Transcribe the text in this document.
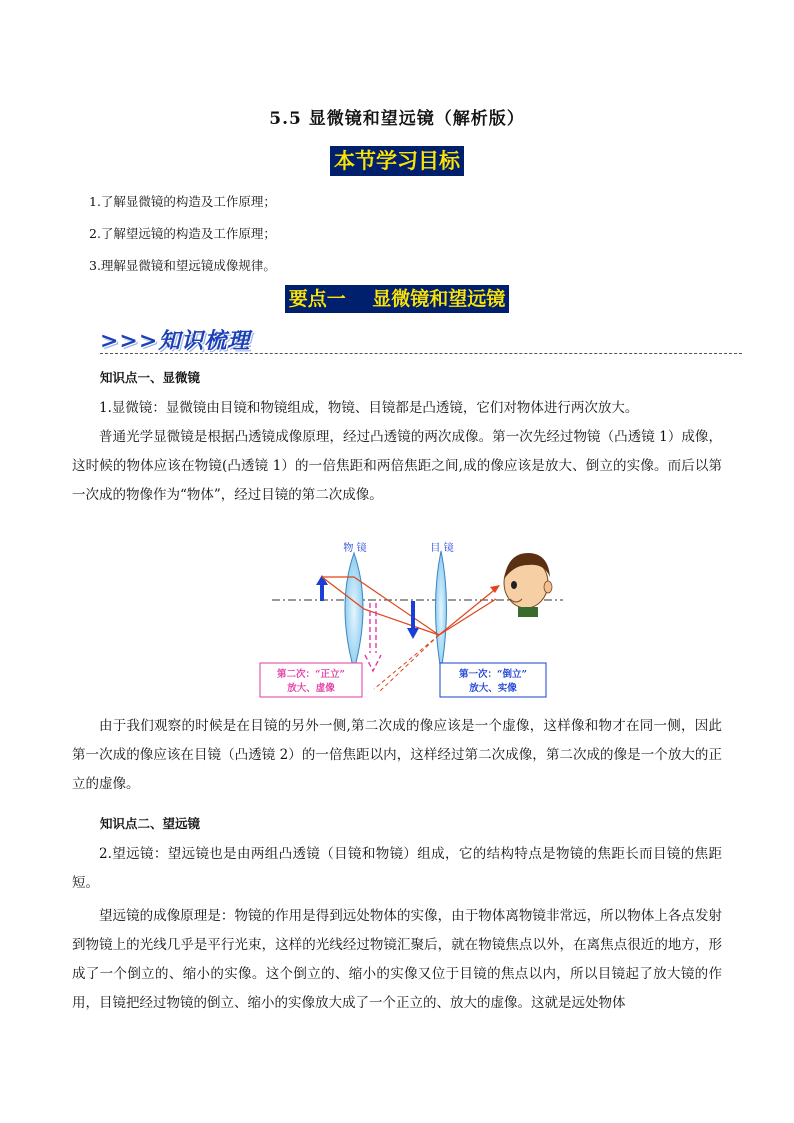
5.5 显微镜和望远镜（解析版）
本节学习目标
1.了解显微镜的构造及工作原理；
2.了解望远镜的构造及工作原理；
3.理解显微镜和望远镜成像规律。
要点一    显微镜和望远镜
>>>知识梳理
知识点一、显微镜

1.显微镜：显微镜由目镜和物镜组成，物镜、目镜都是凸透镜，它们对物体进行两次放大。

普通光学显微镜是根据凸透镜成像原理，经过凸透镜的两次成像。第一次先经过物镜（凸透镜 1）成像，这时候的物体应该在物镜(凸透镜 1）的一倍焦距和两倍焦距之间,成的像应该是放大、倒立的实像。而后以第一次成的物像作为“物体”，经过目镜的第二次成像。

物 镜	目 镜
第二次：“正立”
放大、虚像
第一次：“倒立”
放大、实像

由于我们观察的时候是在目镜的另外一侧,第二次成的像应该是一个虚像，这样像和物才在同一侧，因此第一次成的像应该在目镜（凸透镜 2）的一倍焦距以内，这样经过第二次成像，第二次成的像是一个放大的正立的虚像。

知识点二、望远镜

2.望远镜：望远镜也是由两组凸透镜（目镜和物镜）组成，它的结构特点是物镜的焦距长而目镜的焦距短。

望远镜的成像原理是：物镜的作用是得到远处物体的实像，由于物体离物镜非常远，所以物体上各点发射到物镜上的光线几乎是平行光束，这样的光线经过物镜汇聚后，就在物镜焦点以外，在离焦点很近的地方，形成了一个倒立的、缩小的实像。这个倒立的、缩小的实像又位于目镜的焦点以内，所以目镜起了放大镜的作用，目镜把经过物镜的倒立、缩小的实像放大成了一个正立的、放大的虚像。这就是远处物体
